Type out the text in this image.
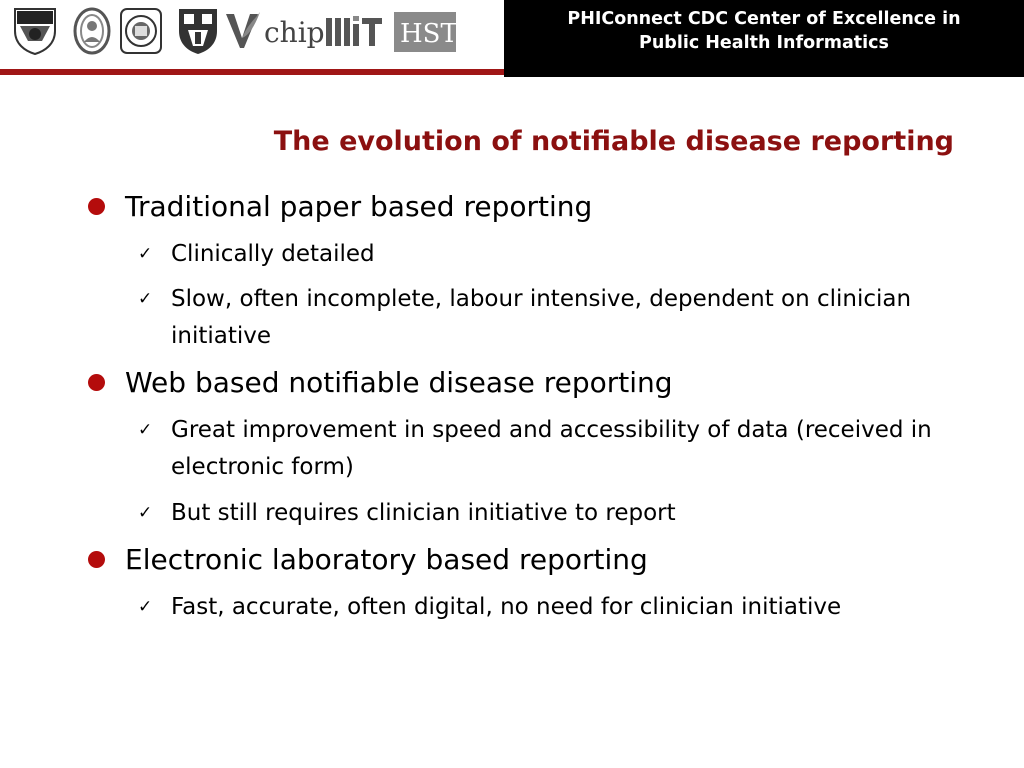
chip	HST	PHIConnect CDC Center of Excellence in
Public Health Informatics
The evolution of notifiable disease reporting
Traditional paper based reporting
✓ Clinically detailed
✓ Slow, often incomplete, labour intensive, dependent on clinician initiative
Web based notifiable disease reporting
✓ Great improvement in speed and accessibility of data (received in electronic form)
✓ But still requires clinician initiative to report
Electronic laboratory based reporting
✓ Fast, accurate, often digital, no need for clinician initiative
